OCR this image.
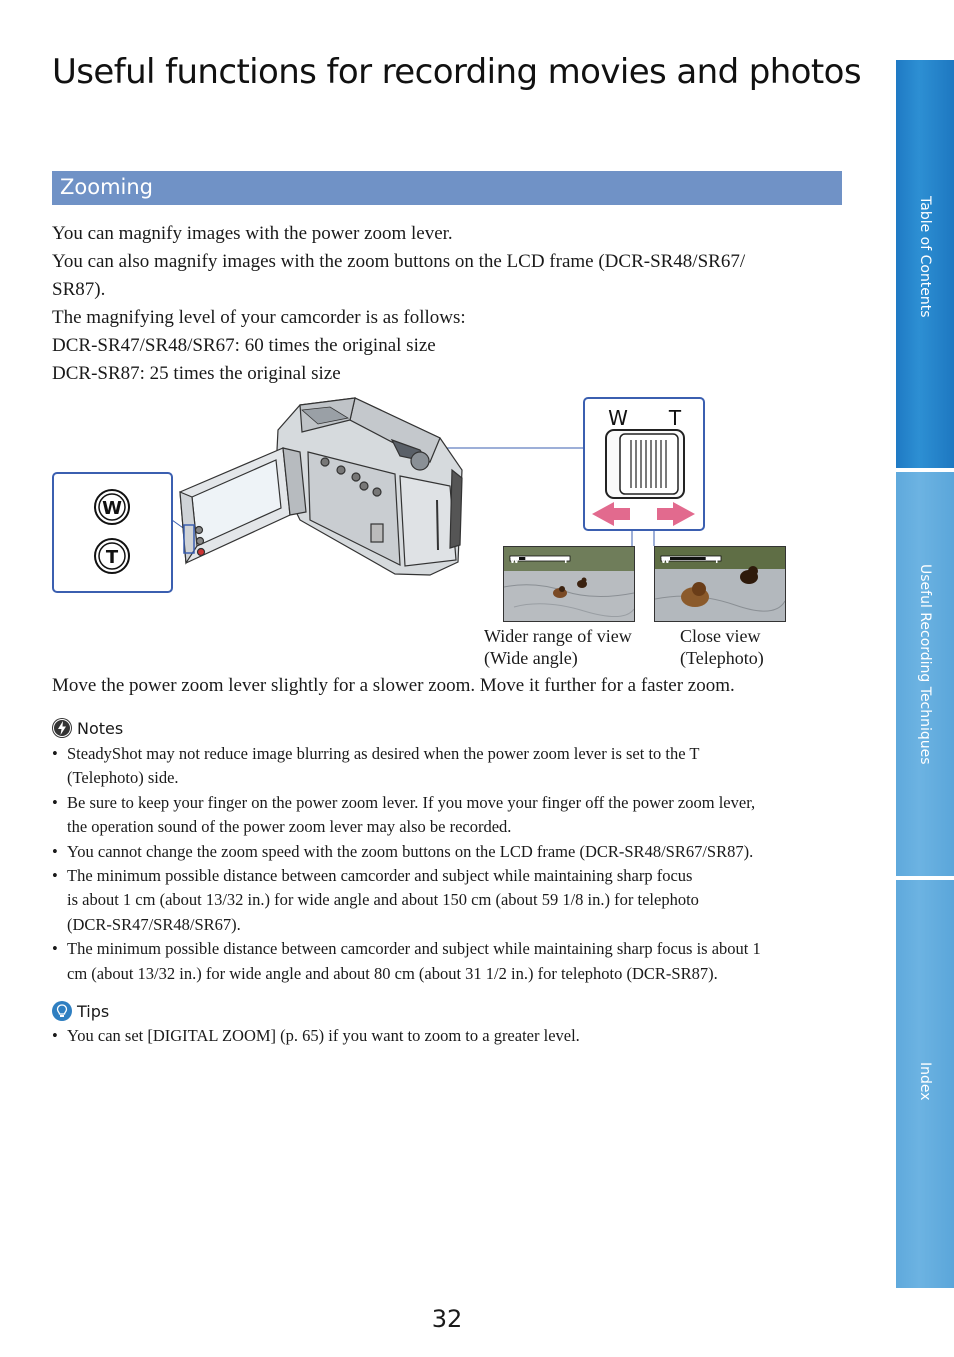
Useful functions for recording movies and photos
Zooming
You can magnify images with the power zoom lever.
You can also magnify images with the zoom buttons on the LCD frame (DCR-SR48/SR67/
SR87).
The magnifying level of your camcorder is as follows:
DCR-SR47/SR48/SR67: 60 times the original size
DCR-SR87: 25 times the original size
W
T
W T
W	T	W	T
Wider range of view
(Wide angle)
Close view
(Telephoto)
Move the power zoom lever slightly for a slower zoom. Move it further for a faster zoom.
Notes
• SteadyShot may not reduce image blurring as desired when the power zoom lever is set to the T
(Telephoto) side.
• Be sure to keep your finger on the power zoom lever. If you move your finger off the power zoom lever,
the operation sound of the power zoom lever may also be recorded.
• You cannot change the zoom speed with the zoom buttons on the LCD frame (DCR-SR48/SR67/SR87).
• The minimum possible distance between camcorder and subject while maintaining sharp focus
is about 1 cm (about 13/32 in.) for wide angle and about 150 cm (about 59 1/8 in.) for telephoto
(DCR-SR47/SR48/SR67).
• The minimum possible distance between camcorder and subject while maintaining sharp focus is about 1
cm (about 13/32 in.) for wide angle and about 80 cm (about 31 1/2 in.) for telephoto (DCR-SR87).
Tips
• You can set [DIGITAL ZOOM] (p. 65) if you want to zoom to a greater level.
32
Table of Contents
Useful Recording Techniques
Index
